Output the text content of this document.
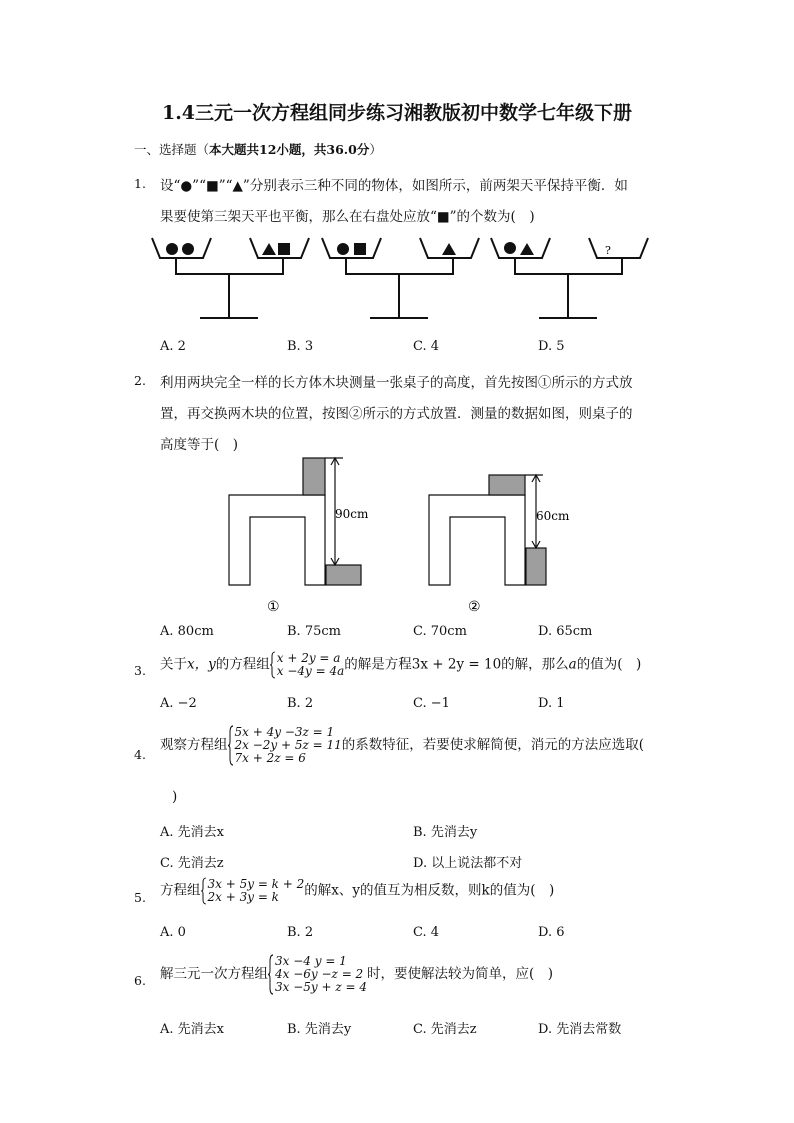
1.4三元一次方程组同步练习湘教版初中数学七年级下册
一、选择题（本大题共12小题，共36.0分）
1. 设“●”“■”“▲”分别表示三种不同的物体，如图所示，前两架天平保持平衡．如
果要使第三架天平也平衡，那么在右盘处应放“■”的个数为(　)
?
A. 2	B. 3	C. 4	D. 5
2. 利用两块完全一样的长方体木块测量一张桌子的高度，首先按图①所示的方式放
置，再交换两木块的位置，按图②所示的方式放置．测量的数据如图，则桌子的
高度等于(　)
90cm	60cm
①	②
A. 80cm	B. 75cm	C. 70cm	D. 65cm
3. 关于x，y的方程组 x + 2y = a
x −4y = 4a 的解是方程3x + 2y = 10的解，那么a的值为(　)
A. −2	B. 2	C. −1	D. 1
4.
观察方程组
5x + 4y −3z = 1
2x −2y + 5z = 11
7x + 2z = 6
的系数特征，若要使求解简便，消元的方法应选取(
)
A. 先消去x	B. 先消去y
C. 先消去z	D. 以上说法都不对
5. 方程组 3x + 5y = k + 2
2x + 3y = k	的解x、y的值互为相反数，则k的值为(　)
A. 0	B. 2	C. 4	D. 6
6. 解三元一次方程组
3x −4 y = 1
4x −6y −z = 2
3x −5y + z = 4
时，要使解法较为简单，应(　)
A. 先消去x	B. 先消去y	C. 先消去z	D. 先消去常数
